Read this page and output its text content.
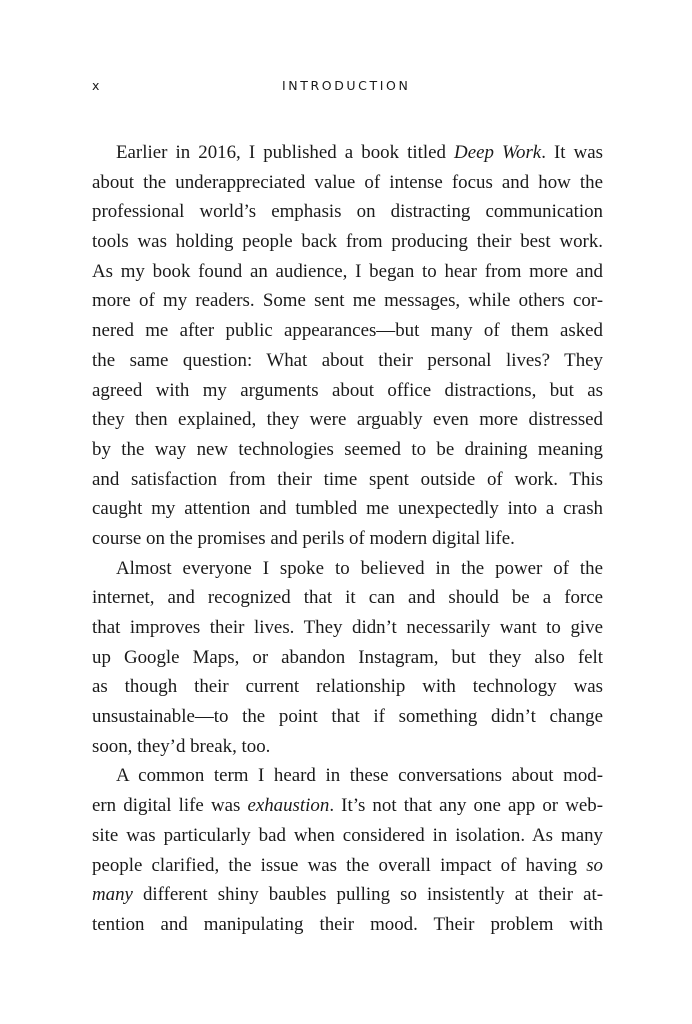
x	INTRODUCTION
Earlier in 2016, I published a book titled Deep Work. It was
about the underappreciated value of intense focus and how the
professional world’s emphasis on distracting communication
tools was holding people back from producing their best work.
As my book found an audience, I began to hear from more and
more of my readers. Some sent me messages, while others cor-
nered me after public appearances—but many of them asked
the same question: What about their personal lives? They
agreed with my arguments about office distractions, but as
they then explained, they were arguably even more distressed
by the way new technologies seemed to be draining meaning
and satisfaction from their time spent outside of work. This
caught my attention and tumbled me unexpectedly into a crash
course on the promises and perils of modern digital life.
Almost everyone I spoke to believed in the power of the
internet, and recognized that it can and should be a force
that improves their lives. They didn’t necessarily want to give
up Google Maps, or abandon Instagram, but they also felt
as though their current relationship with technology was
unsustainable—to the point that if something didn’t change
soon, they’d break, too.
A common term I heard in these conversations about mod-
ern digital life was exhaustion. It’s not that any one app or web-
site was particularly bad when considered in isolation. As many
people clarified, the issue was the overall impact of having so
many different shiny baubles pulling so insistently at their at-
tention and manipulating their mood. Their problem with
